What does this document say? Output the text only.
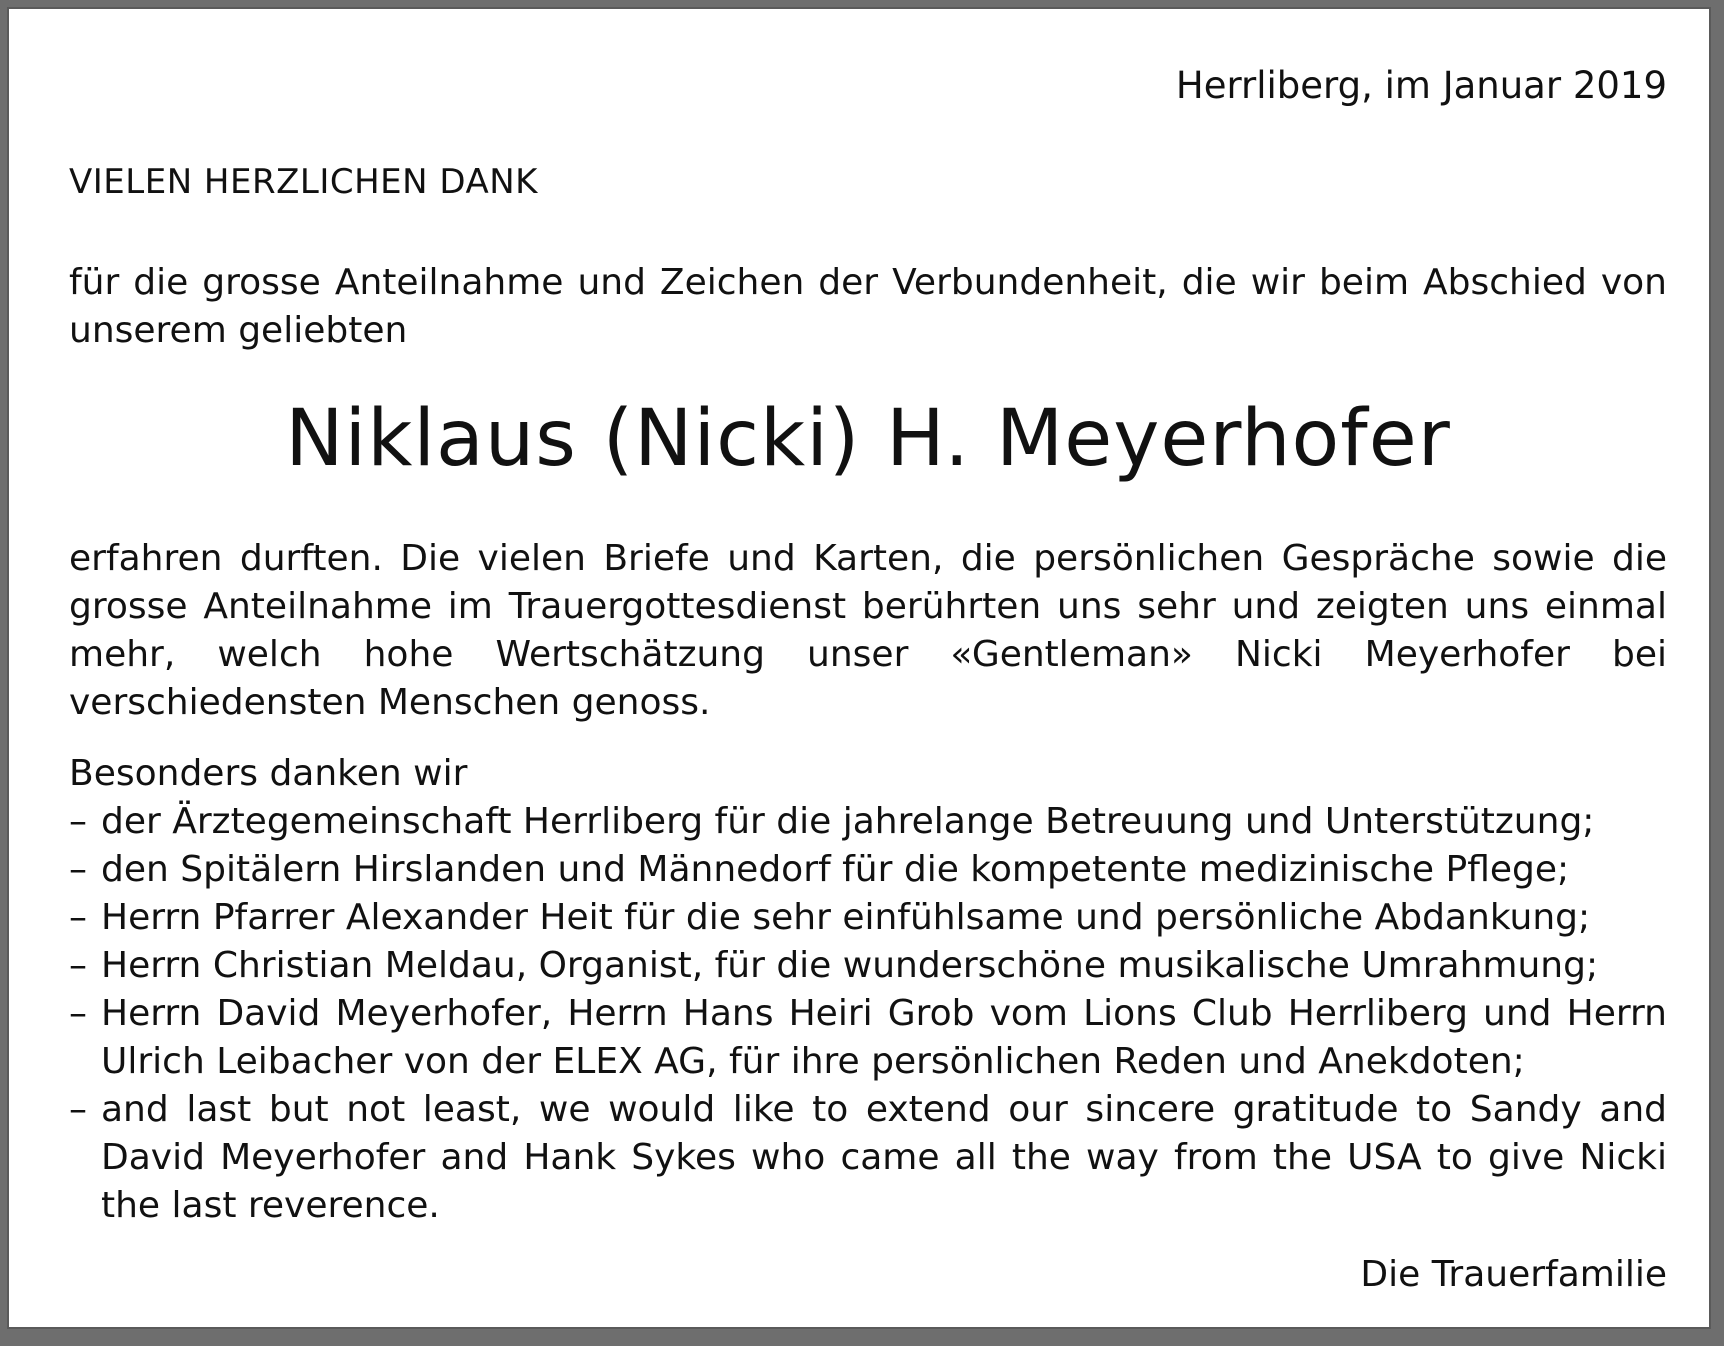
Herrliberg, im Januar 2019
VIELEN HERZLICHEN DANK
für die grosse Anteilnahme und Zeichen der Verbundenheit, die wir beim Abschied von unserem geliebten
Niklaus (Nicki) H. Meyerhofer
erfahren durften. Die vielen Briefe und Karten, die persönlichen Gespräche sowie die grosse Anteilnahme im Trauergottesdienst berührten uns sehr und zeigten uns einmal mehr, welch hohe Wertschätzung unser «Gentleman» Nicki Meyerhofer bei verschiedensten Menschen genoss.
Besonders danken wir
– der Ärztegemeinschaft Herrliberg für die jahrelange Betreuung und Unterstützung;
– den Spitälern Hirslanden und Männedorf für die kompetente medizinische Pflege;
– Herrn Pfarrer Alexander Heit für die sehr einfühlsame und persönliche Abdankung;
– Herrn Christian Meldau, Organist, für die wunderschöne musikalische Umrahmung;
– Herrn David Meyerhofer, Herrn Hans Heiri Grob vom Lions Club Herrliberg und Herrn Ulrich Leibacher von der ELEX AG, für ihre persönlichen Reden und Anekdoten;
– and last but not least, we would like to extend our sincere gratitude to Sandy and David Meyerhofer and Hank Sykes who came all the way from the USA to give Nicki the last reverence.
Die Trauerfamilie
